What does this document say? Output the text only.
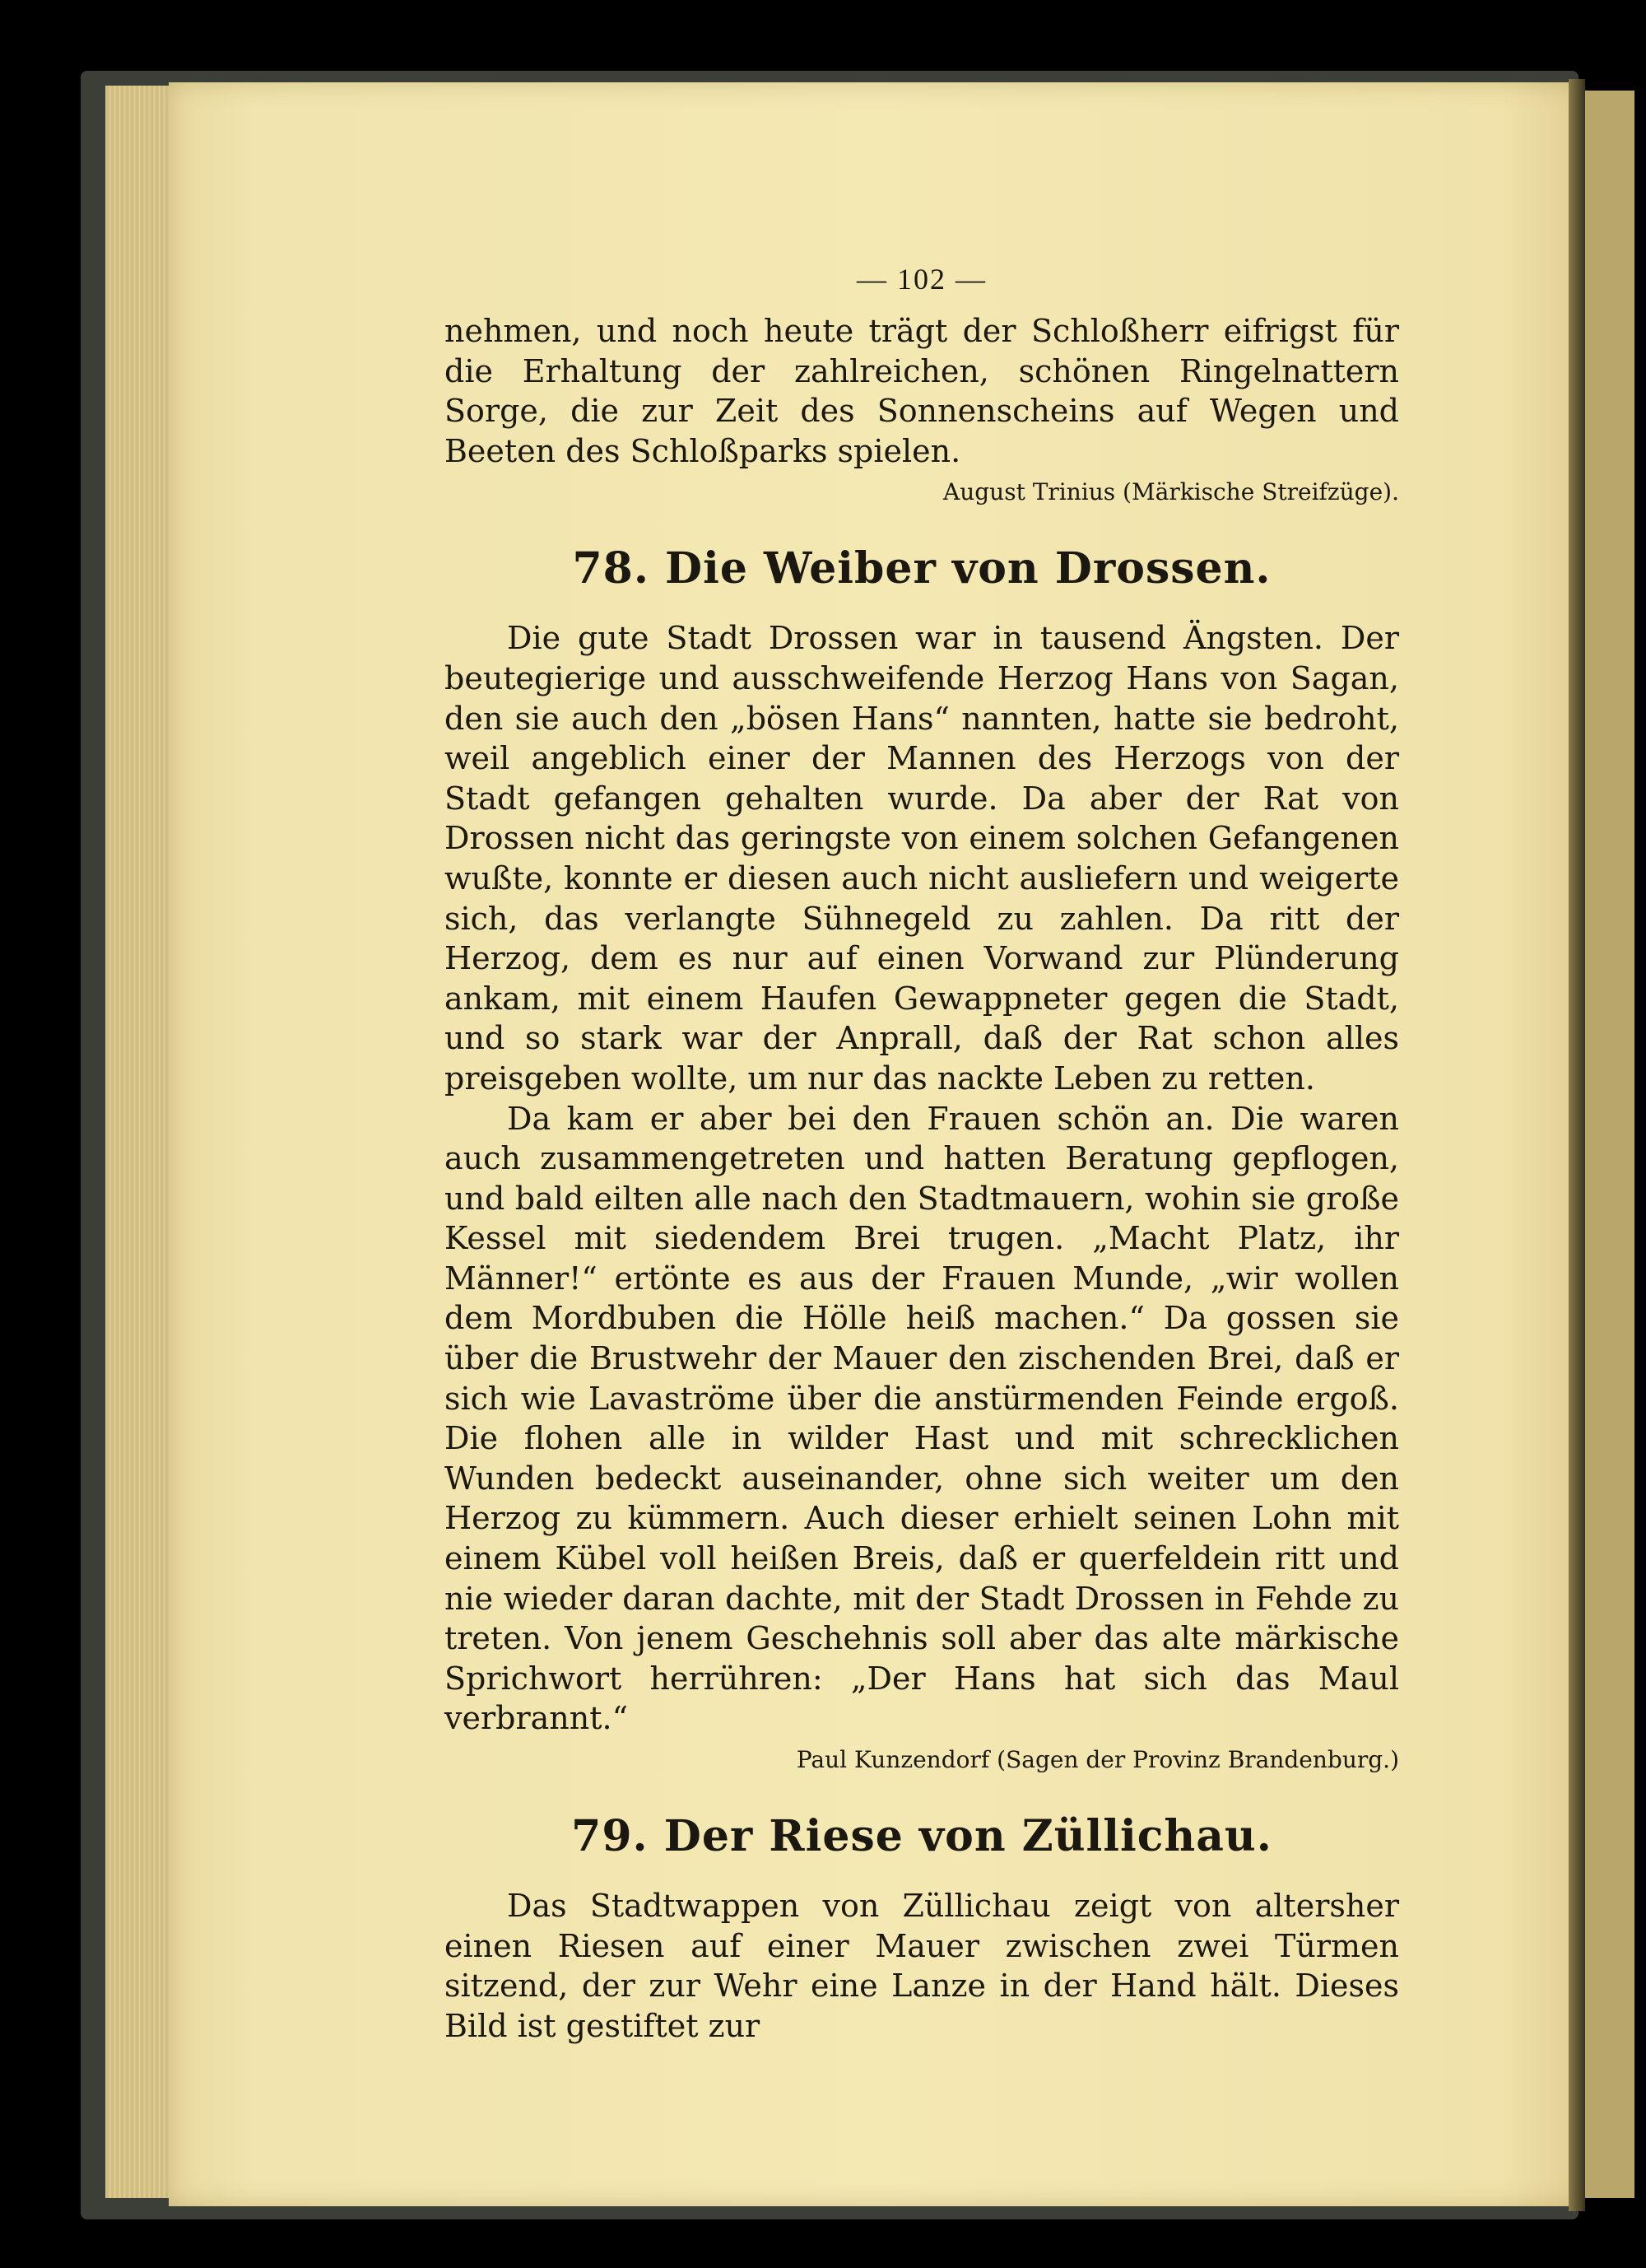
— 102 —

nehmen, und noch heute trägt der Schloßherr eifrigst für die Erhaltung der zahlreichen, schönen Ringelnattern Sorge, die zur Zeit des Sonnenscheins auf Wegen und Beeten des Schloßparks spielen.

August Trinius (Märkische Streifzüge).

78. Die Weiber von Drossen.

Die gute Stadt Drossen war in tausend Ängsten. Der beutegierige und ausschweifende Herzog Hans von Sagan, den sie auch den „bösen Hans“ nannten, hatte sie bedroht, weil angeblich einer der Mannen des Herzogs von der Stadt gefangen gehalten wurde. Da aber der Rat von Drossen nicht das geringste von einem solchen Gefangenen wußte, konnte er diesen auch nicht ausliefern und weigerte sich, das verlangte Sühnegeld zu zahlen. Da ritt der Herzog, dem es nur auf einen Vorwand zur Plünderung ankam, mit einem Haufen Gewappneter gegen die Stadt, und so stark war der Anprall, daß der Rat schon alles preisgeben wollte, um nur das nackte Leben zu retten.

Da kam er aber bei den Frauen schön an. Die waren auch zusammengetreten und hatten Beratung gepflogen, und bald eilten alle nach den Stadtmauern, wohin sie große Kessel mit siedendem Brei trugen. „Macht Platz, ihr Männer!“ ertönte es aus der Frauen Munde, „wir wollen dem Mordbuben die Hölle heiß machen.“ Da gossen sie über die Brustwehr der Mauer den zischenden Brei, daß er sich wie Lavaströme über die anstürmenden Feinde ergoß. Die flohen alle in wilder Hast und mit schrecklichen Wunden bedeckt auseinander, ohne sich weiter um den Herzog zu kümmern. Auch dieser erhielt seinen Lohn mit einem Kübel voll heißen Breis, daß er querfeldein ritt und nie wieder daran dachte, mit der Stadt Drossen in Fehde zu treten. Von jenem Geschehnis soll aber das alte märkische Sprichwort herrühren: „Der Hans hat sich das Maul verbrannt.“

Paul Kunzendorf (Sagen der Provinz Brandenburg.)

79. Der Riese von Züllichau.

Das Stadtwappen von Züllichau zeigt von altersher einen Riesen auf einer Mauer zwischen zwei Türmen sitzend, der zur Wehr eine Lanze in der Hand hält. Dieses Bild ist gestiftet zur
